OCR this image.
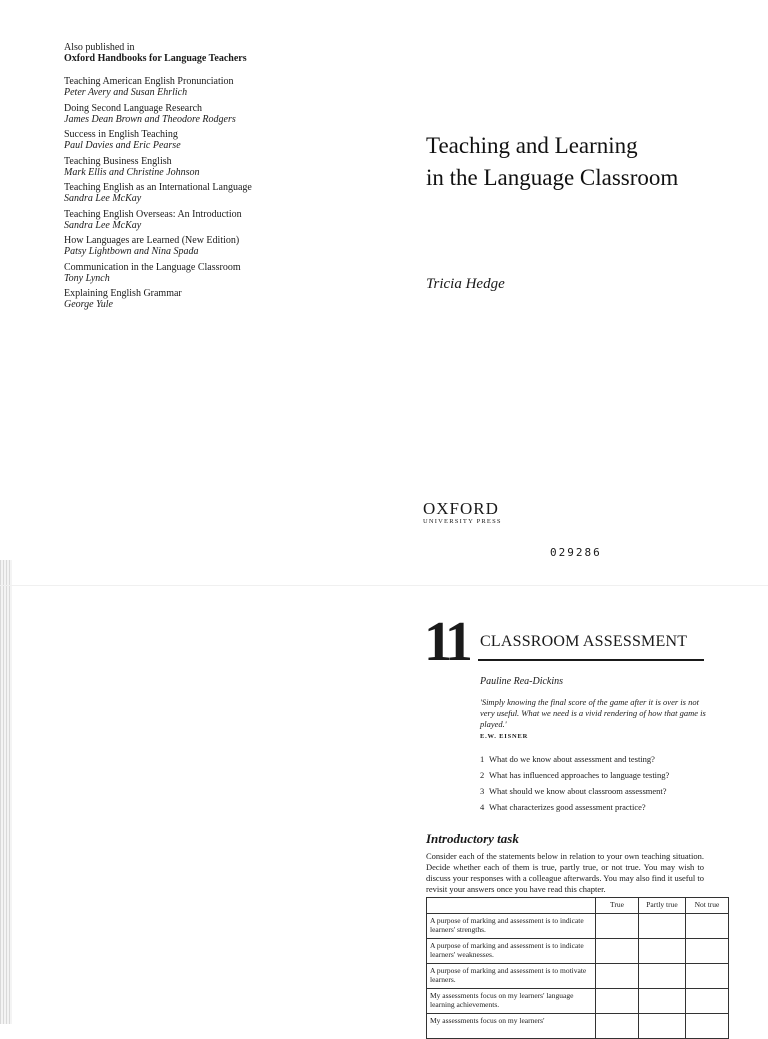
Also published in
Oxford Handbooks for Language Teachers
Teaching American English Pronunciation
Peter Avery and Susan Ehrlich
Doing Second Language Research
James Dean Brown and Theodore Rodgers
Success in English Teaching
Paul Davies and Eric Pearse
Teaching Business English
Mark Ellis and Christine Johnson
Teaching English as an International Language
Sandra Lee McKay
Teaching English Overseas: An Introduction
Sandra Lee McKay
How Languages are Learned (New Edition)
Patsy Lightbown and Nina Spada
Communication in the Language Classroom
Tony Lynch
Explaining English Grammar
George Yule
Teaching and Learning
in the Language Classroom
Tricia Hedge
OXFORD
UNIVERSITY PRESS
029286
11 CLASSROOM ASSESSMENT
Pauline Rea-Dickins
'Simply knowing the final score of the game after it is over is not very useful. What we need is a vivid rendering of how that game is played.'
E.W. EISNER
1 What do we know about assessment and testing?
2 What has influenced approaches to language testing?
3 What should we know about classroom assessment?
4 What characterizes good assessment practice?
Introductory task
Consider each of the statements below in relation to your own teaching situation. Decide whether each of them is true, partly true, or not true. You may wish to discuss your responses with a colleague afterwards. You may also find it useful to revisit your answers once you have read this chapter.
	True	Partly true	Not true
A purpose of marking and assessment is to indicate learners' strengths.			
A purpose of marking and assessment is to indicate learners' weaknesses.			
A purpose of marking and assessment is to motivate learners.			
My assessments focus on my learners' language learning achievements.			
My assessments focus on my learners'			
